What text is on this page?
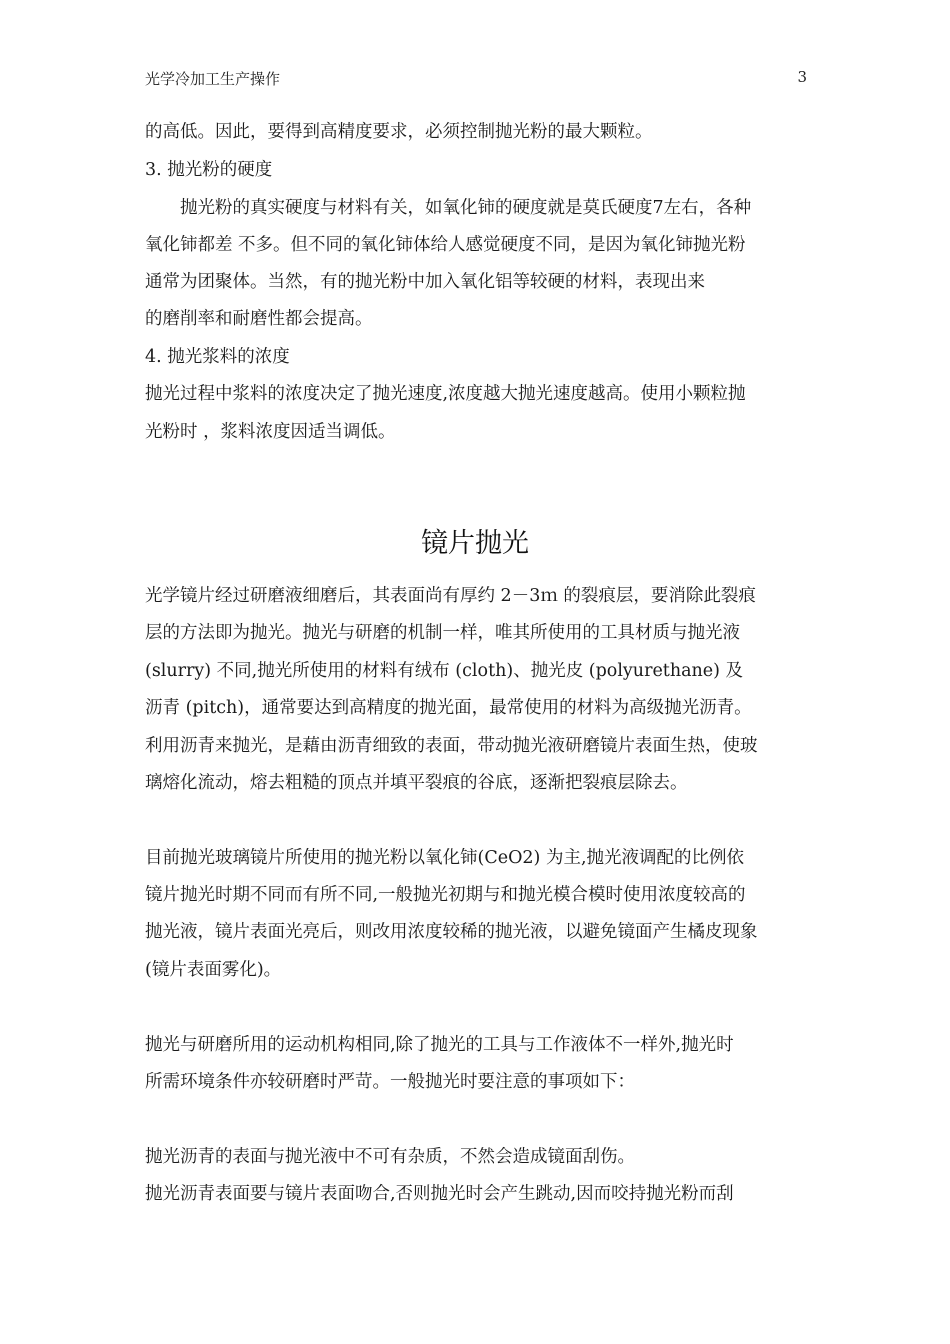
光学冷加工生产操作	3
的高低。因此，要得到高精度要求，必须控制抛光粉的最大颗粒。
3. 抛光粉的硬度
抛光粉的真实硬度与材料有关，如氧化铈的硬度就是莫氏硬度7左右，各种
氧化铈都差 不多。但不同的氧化铈体给人感觉硬度不同，是因为氧化铈抛光粉
通常为团聚体。当然，有的抛光粉中加入氧化铝等较硬的材料，表现出来
的磨削率和耐磨性都会提高。
4. 抛光浆料的浓度
抛光过程中浆料的浓度决定了抛光速度,浓度越大抛光速度越高。使用小颗粒抛
光粉时 ，浆料浓度因适当调低。
镜片抛光
光学镜片经过研磨液细磨后，其表面尚有厚约 2－3ｍ 的裂痕层，要消除此裂痕
层的方法即为抛光。抛光与研磨的机制一样，唯其所使用的工具材质与抛光液
(slurry) 不同,抛光所使用的材料有绒布 (cloth)、抛光皮 (polyurethane) 及
沥青 (pitch)，通常要达到高精度的抛光面，最常使用的材料为高级抛光沥青。
利用沥青来抛光，是藉由沥青细致的表面，带动抛光液研磨镜片表面生热，使玻
璃熔化流动，熔去粗糙的顶点并填平裂痕的谷底，逐渐把裂痕层除去。
目前抛光玻璃镜片所使用的抛光粉以氧化铈(CeO2) 为主,抛光液调配的比例依
镜片抛光时期不同而有所不同,一般抛光初期与和抛光模合模时使用浓度较高的
抛光液，镜片表面光亮后，则改用浓度较稀的抛光液，以避免镜面产生橘皮现象
(镜片表面雾化)。
抛光与研磨所用的运动机构相同,除了抛光的工具与工作液体不一样外,抛光时
所需环境条件亦较研磨时严苛。一般抛光时要注意的事项如下：
抛光沥青的表面与抛光液中不可有杂质，不然会造成镜面刮伤。
抛光沥青表面要与镜片表面吻合,否则抛光时会产生跳动,因而咬持抛光粉而刮
